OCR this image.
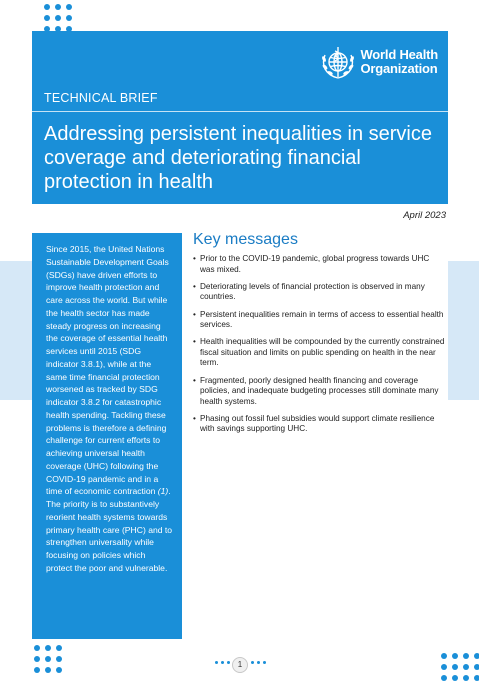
World Health
Organization
TECHNICAL BRIEF
Addressing persistent inequalities in service coverage and deteriorating financial protection in health
April 2023

Since 2015, the United Nations Sustainable Development Goals (SDGs) have driven efforts to improve health protection and care across the world. But while the health sector has made steady progress on increasing the coverage of essential health services until 2015 (SDG indicator 3.8.1), while at the same time financial protection worsened as tracked by SDG indicator 3.8.2 for catastrophic health spending. Tackling these problems is therefore a defining challenge for current efforts to achieving universal health coverage (UHC) following the COVID-19 pandemic and in a time of economic contraction (1). The priority is to substantively reorient health systems towards primary health care (PHC) and to strengthen universality while focusing on policies which protect the poor and vulnerable.

Key messages
• Prior to the COVID-19 pandemic, global progress towards UHC was mixed.
• Deteriorating levels of financial protection is observed in many countries.
• Persistent inequalities remain in terms of access to essential health services.
• Health inequalities will be compounded by the currently constrained fiscal situation and limits on public spending on health in the near term.
• Fragmented, poorly designed health financing and coverage policies, and inadequate budgeting processes still dominate many health systems.
• Phasing out fossil fuel subsidies would support climate resilience with savings supporting UHC.
1
